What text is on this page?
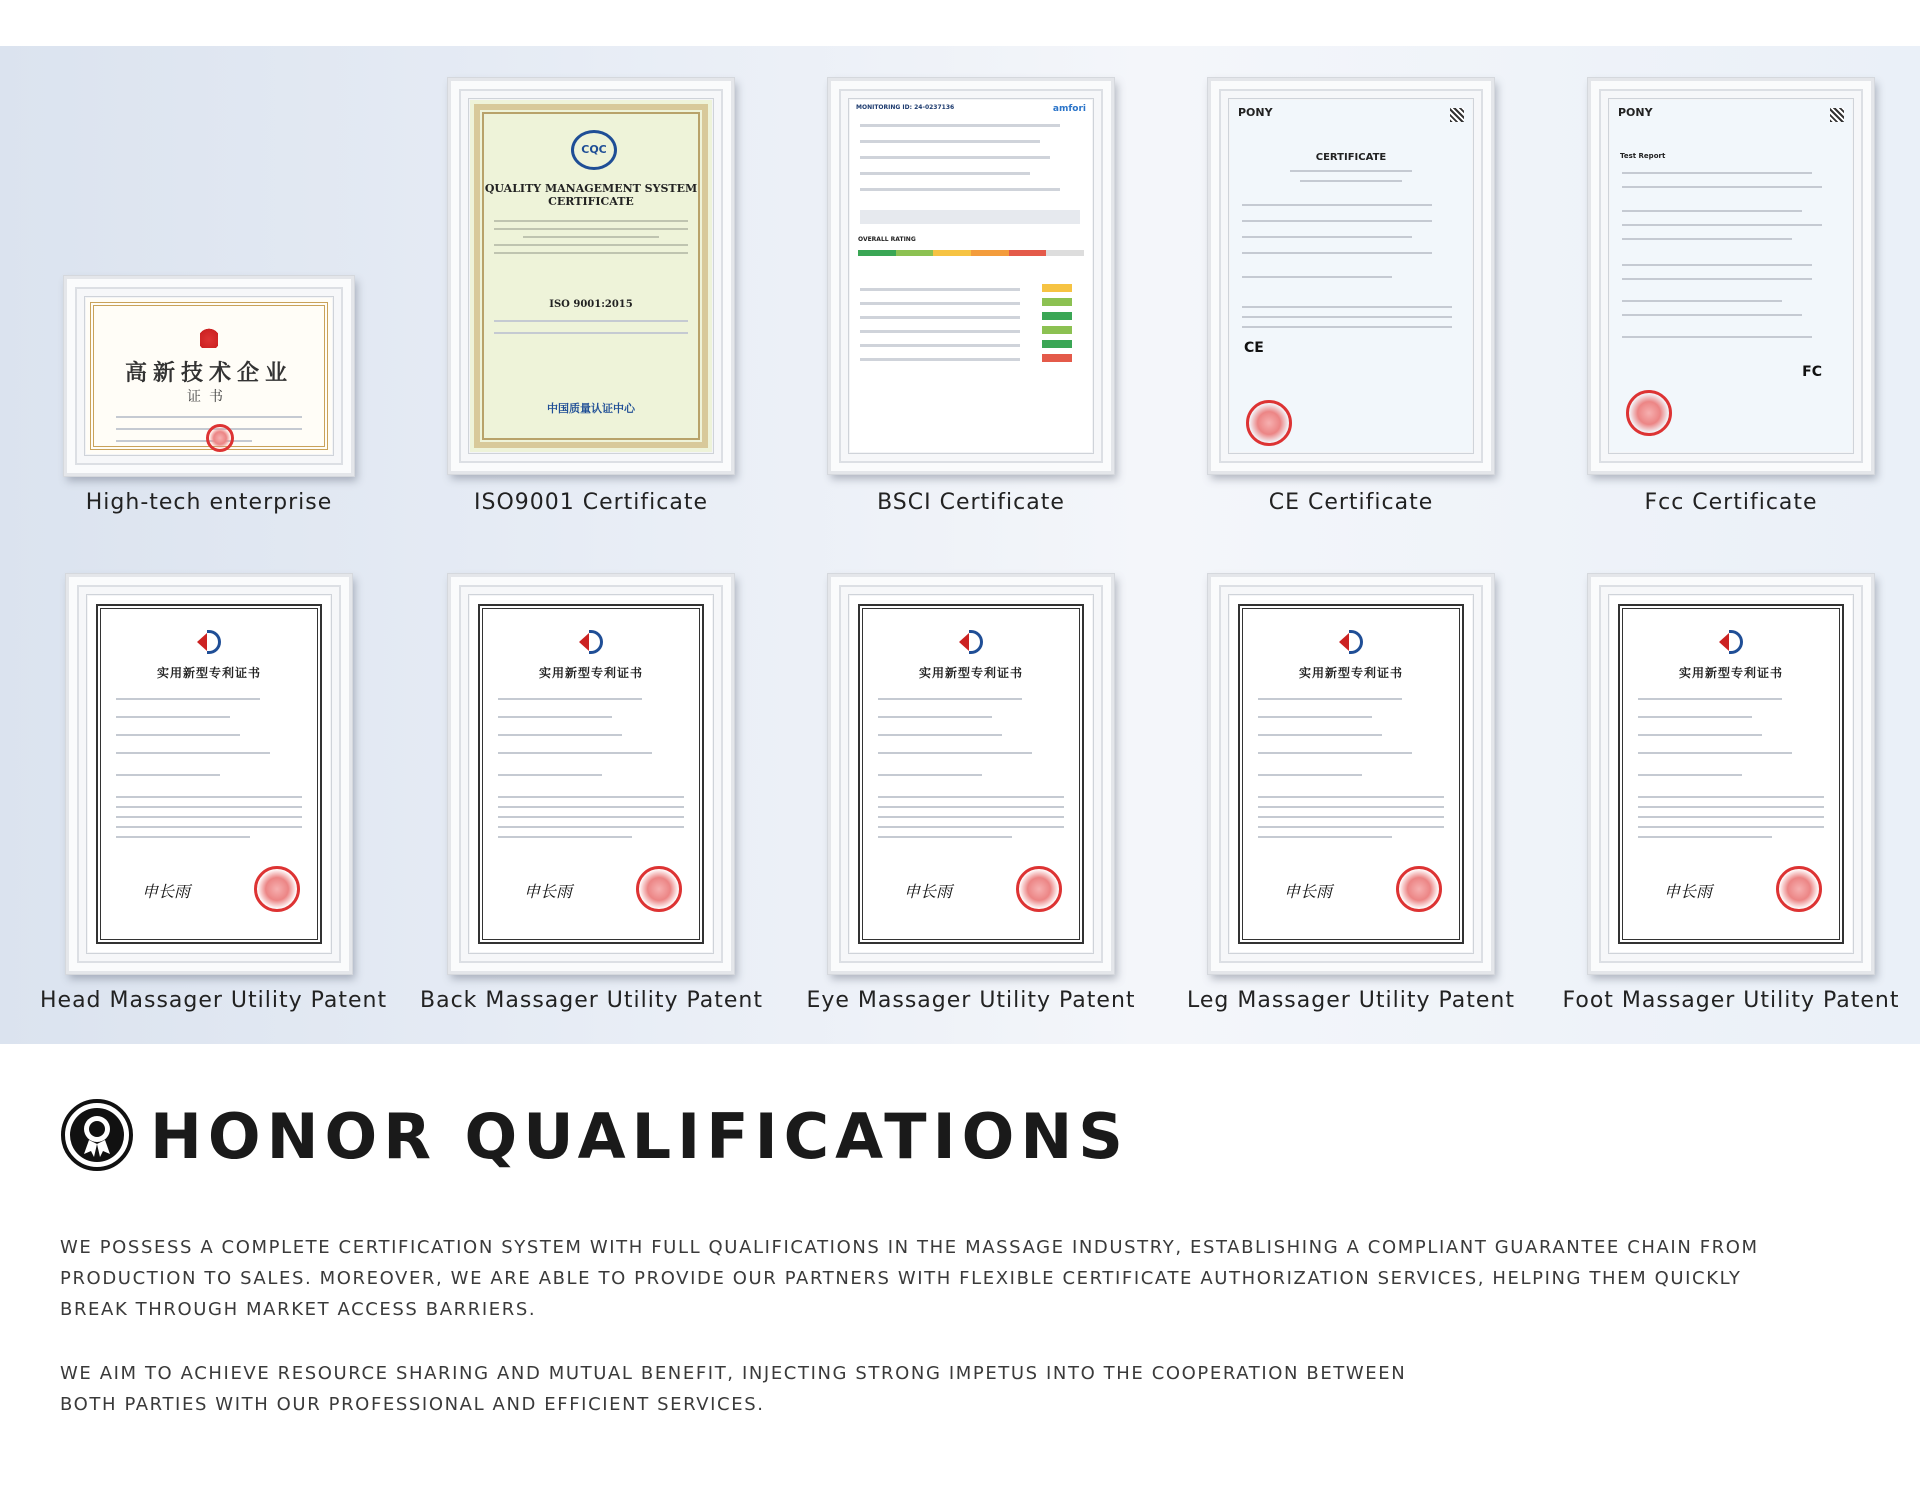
高新技术企业
证书
High-tech enterprise
CQC
QUALITY MANAGEMENT SYSTEM CERTIFICATE
ISO 9001:2015
中国质量认证中心
ISO9001 Certificate
MONITORING ID: 24-0237136	amfori
OVERALL RATING
BSCI Certificate
PONY
CERTIFICATE
CE
CE Certificate
PONY
Test Report
FC
Fcc Certificate
实用新型专利证书
申长雨
Head Massager Utility Patent
实用新型专利证书
申长雨
Back Massager Utility Patent
实用新型专利证书
申长雨
Eye Massager Utility Patent
实用新型专利证书
申长雨
Leg Massager Utility Patent
实用新型专利证书
申长雨
Foot Massager Utility Patent
HONOR QUALIFICATIONS
WE POSSESS A COMPLETE CERTIFICATION SYSTEM WITH FULL QUALIFICATIONS IN THE MASSAGE INDUSTRY, ESTABLISHING A COMPLIANT GUARANTEE CHAIN FROM
PRODUCTION TO SALES. MOREOVER, WE ARE ABLE TO PROVIDE OUR PARTNERS WITH FLEXIBLE CERTIFICATE AUTHORIZATION SERVICES, HELPING THEM QUICKLY
BREAK THROUGH MARKET ACCESS BARRIERS.
WE AIM TO ACHIEVE RESOURCE SHARING AND MUTUAL BENEFIT, INJECTING STRONG IMPETUS INTO THE COOPERATION BETWEEN
BOTH PARTIES WITH OUR PROFESSIONAL AND EFFICIENT SERVICES.
